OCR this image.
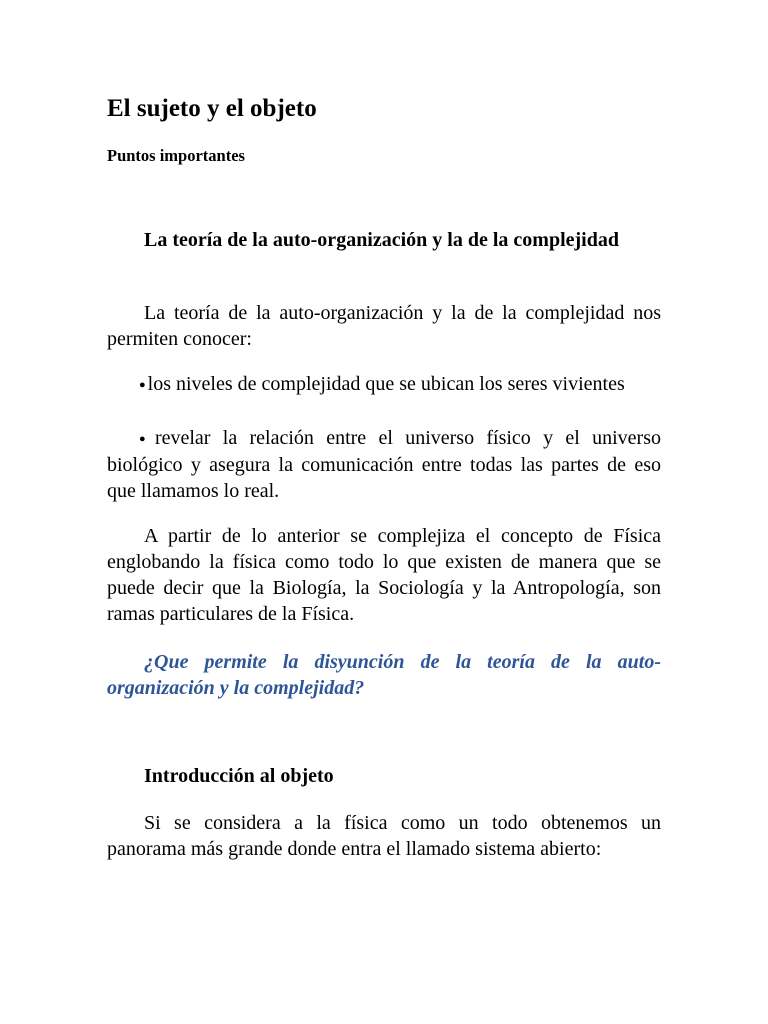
El sujeto y el objeto

Puntos importantes

La teoría de la auto-organización y la de la complejidad

La teoría de la auto-organización y la de la complejidad nos permiten conocer:

● los niveles de complejidad que se ubican los seres vivientes

● revelar la relación entre el universo físico y el universo biológico y asegura la comunicación entre todas las partes de eso que llamamos lo real.

A partir de lo anterior se complejiza el concepto de Física englobando la física como todo lo que existen de manera que se puede decir que la Biología, la Sociología y la Antropología, son ramas particulares de la Física.

¿Que permite la disyunción de la teoría de la auto-organización y la complejidad?

Introducción al objeto

Si se considera a la física como un todo obtenemos un panorama más grande donde entra el llamado sistema abierto:
